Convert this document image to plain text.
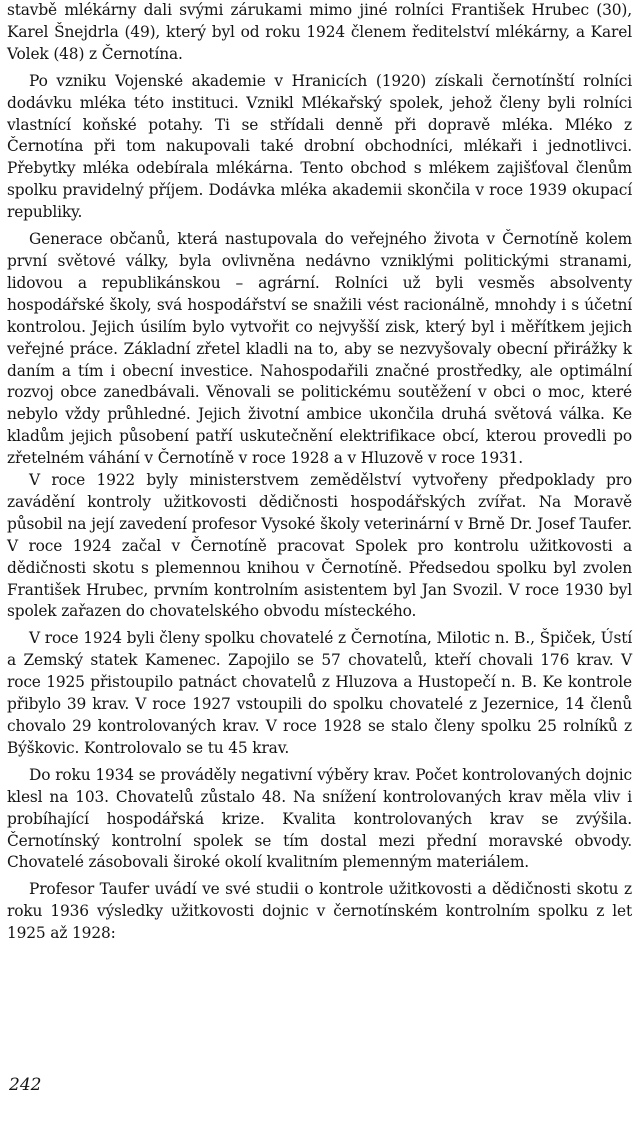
stavbě mlékárny dali svými zárukami mimo jiné rolníci František Hrubec (30), Karel Šnejdrla (49), který byl od roku 1924 členem ředitelství mlékárny, a Karel Volek (48) z Černotína.

Po vzniku Vojenské akademie v Hranicích (1920) získali černotínští rolníci dodávku mléka této instituci. Vznikl Mlékařský spolek, jehož členy byli rolníci vlastnící koňské potahy. Ti se střídali denně při dopravě mléka. Mléko z Černotína při tom nakupovali také drobní obchodníci, mlékaři i jednotlivci. Přebytky mléka odebírala mlékárna. Tento obchod s mlékem zajišťoval členům spolku pravidelný příjem. Dodávka mléka akademii skončila v roce 1939 okupací republiky.

Generace občanů, která nastupovala do veřejného života v Černotíně kolem první světové války, byla ovlivněna nedávno vzniklými politickými stranami, lidovou a republikánskou – agrární. Rolníci už byli vesměs absolventy hospodářské školy, svá hospodářství se snažili vést racionálně, mnohdy i s účetní kontrolou. Jejich úsilím bylo vytvořit co nejvyšší zisk, který byl i měřítkem jejich veřejné práce. Základní zřetel kladli na to, aby se nezvyšovaly obecní přirážky k daním a tím i obecní investice. Nahospodařili značné prostředky, ale optimální rozvoj obce zanedbávali. Věnovali se politickému soutěžení v obci o moc, které nebylo vždy průhledné. Jejich životní ambice ukončila druhá světová válka. Ke kladům jejich působení patří uskutečnění elektrifikace obcí, kterou provedli po zřetelném váhání v Černotíně v roce 1928 a v Hluzově v roce 1931.

V roce 1922 byly ministerstvem zemědělství vytvořeny předpoklady pro zavádění kontroly užitkovosti dědičnosti hospodářských zvířat. Na Moravě působil na její zavedení profesor Vysoké školy veterinární v Brně Dr. Josef Taufer. V roce 1924 začal v Černotíně pracovat Spolek pro kontrolu užitkovosti a dědičnosti skotu s plemennou knihou v Černotíně. Předsedou spolku byl zvolen František Hrubec, prvním kontrolním asistentem byl Jan Svozil. V roce 1930 byl spolek zařazen do chovatelského obvodu místeckého.

V roce 1924 byli členy spolku chovatelé z Černotína, Milotic n. B., Špiček, Ústí a Zemský statek Kamenec. Zapojilo se 57 chovatelů, kteří chovali 176 krav. V roce 1925 přistoupilo patnáct chovatelů z Hluzova a Hustopečí n. B. Ke kontrole přibylo 39 krav. V roce 1927 vstoupili do spolku chovatelé z Jezernice, 14 členů chovalo 29 kontrolovaných krav. V roce 1928 se stalo členy spolku 25 rolníků z Býškovic. Kontrolovalo se tu 45 krav.

Do roku 1934 se prováděly negativní výběry krav. Počet kontrolovaných dojnic klesl na 103. Chovatelů zůstalo 48. Na snížení kontrolovaných krav měla vliv i probíhající hospodářská krize. Kvalita kontrolovaných krav se zvýšila. Černotínský kontrolní spolek se tím dostal mezi přední moravské obvody. Chovatelé zásobovali široké okolí kvalitním plemenným materiálem.

Profesor Taufer uvádí ve své studii o kontrole užitkovosti a dědičnosti skotu z roku 1936 výsledky užitkovosti dojnic v černotínském kontrolním spolku z let 1925 až 1928:

242
